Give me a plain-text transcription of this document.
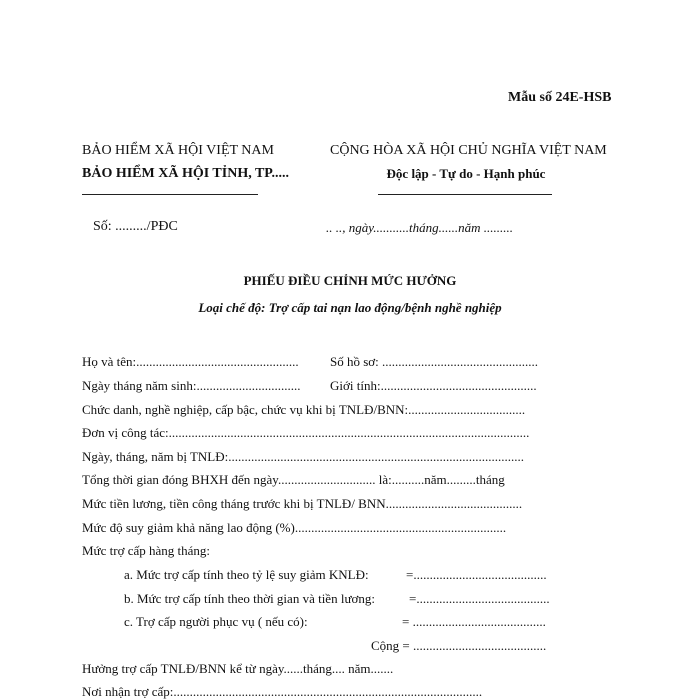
Mẫu số 24E-HSB
BẢO HIỂM XÃ HỘI VIỆT NAM
BẢO HIỂM XÃ HỘI TỈNH, TP.....
CỘNG HÒA XÃ HỘI CHỦ NGHĨA VIỆT NAM
Độc lập - Tự do - Hạnh phúc
Số: ........./PĐC	.. .., ngày...........tháng......năm .........
PHIẾU ĐIỀU CHỈNH MỨC HƯỞNG
Loại chế độ: Trợ cấp tai nạn lao động/bệnh nghề nghiệp
Họ và tên:.................................................. Số hồ sơ: ................................................
Ngày tháng năm sinh:................................ Giới tính:................................................
Chức danh, nghề nghiệp, cấp bậc, chức vụ khi bị TNLĐ/BNN:....................................
Đơn vị công tác:...............................................................................................................
Ngày, tháng, năm bị TNLĐ:...........................................................................................
Tổng thời gian đóng BHXH đến ngày.............................. là:..........năm.........tháng
Mức tiền lương, tiền công tháng trước khi bị TNLĐ/ BNN..........................................
Mức độ suy giảm khả năng lao động (%).................................................................
Mức trợ cấp hàng tháng:
a. Mức trợ cấp tính theo tỷ lệ suy giảm KNLĐ:	=.........................................
b. Mức trợ cấp tính theo thời gian và tiền lương:	=.........................................
c. Trợ cấp người phục vụ ( nếu có):	= .........................................
Cộng = .........................................
Hưởng trợ cấp TNLĐ/BNN kể từ ngày......tháng.... năm.......
Nơi nhận trợ cấp:...............................................................................................
